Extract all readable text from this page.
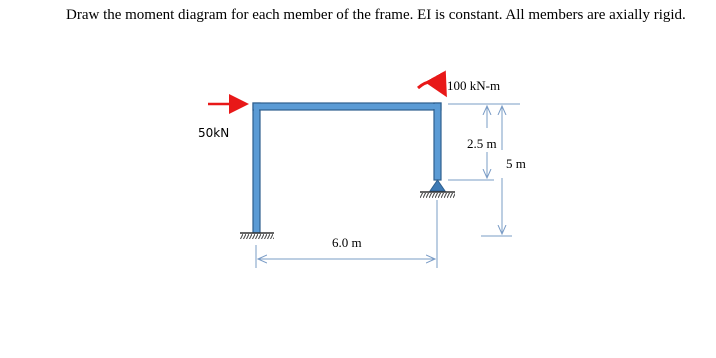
Draw the moment diagram for each member of the frame. EI is constant. All members are axially rigid.
50kN
100 kN-m
2.5 m
5 m
6.0 m
